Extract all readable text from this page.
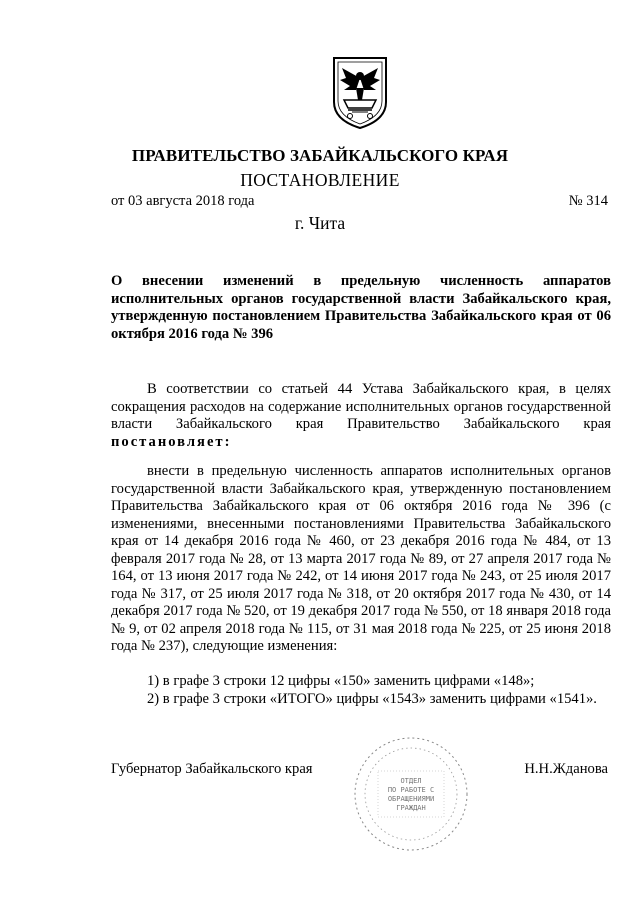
ПРАВИТЕЛЬСТВО ЗАБАЙКАЛЬСКОГО КРАЯ
ПОСТАНОВЛЕНИЕ
от 03 августа 2018 года	№ 314
г. Чита
О внесении изменений в предельную численность аппаратов исполнительных органов государственной власти Забайкальского края, утвержденную постановлением Правительства Забайкальского края от 06 октября 2016 года № 396
В соответствии со статьей 44 Устава Забайкальского края, в целях сокращения расходов на содержание исполнительных органов государственной власти Забайкальского края Правительство Забайкальского края постановляет:
внести в предельную численность аппаратов исполнительных органов государственной власти Забайкальского края, утвержденную постановлением Правительства Забайкальского края от 06 октября 2016 года № 396 (с изменениями, внесенными постановлениями Правительства Забайкальского края от 14 декабря 2016 года № 460, от 23 декабря 2016 года № 484, от 13 февраля 2017 года № 28, от 13 марта 2017 года № 89, от 27 апреля 2017 года № 164, от 13 июня 2017 года № 242, от 14 июня 2017 года № 243, от 25 июля 2017 года № 317, от 25 июля 2017 года № 318, от 20 октября 2017 года № 430, от 14 декабря 2017 года № 520, от 19 декабря 2017 года № 550, от 18 января 2018 года № 9, от 02 апреля 2018 года № 115, от 31 мая 2018 года № 225, от 25 июня 2018 года № 237), следующие изменения:
1) в графе 3 строки 12 цифры «150» заменить цифрами «148»;
2) в графе 3 строки «ИТОГО» цифры «1543» заменить цифрами «1541».
Губернатор Забайкальского края	Н.Н.Жданова
ОТДЕЛ
ПО РАБОТЕ С
ОБРАЩЕНИЯМИ
ГРАЖДАН
